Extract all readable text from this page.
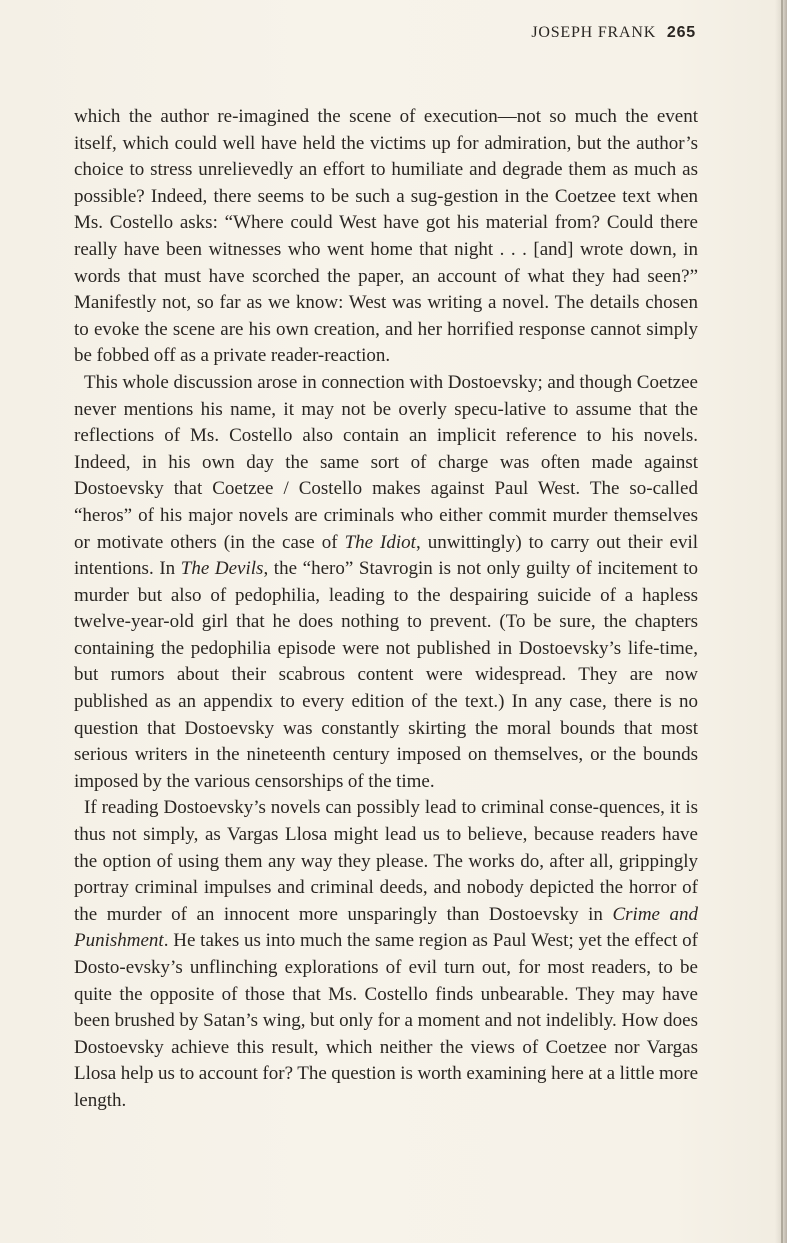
JOSEPH FRANK 265

which the author re-imagined the scene of execution—not so much the event itself, which could well have held the victims up for admiration, but the author’s choice to stress unrelievedly an effort to humiliate and degrade them as much as possible? Indeed, there seems to be such a sug-gestion in the Coetzee text when Ms. Costello asks: “Where could West have got his material from? Could there really have been witnesses who went home that night . . . [and] wrote down, in words that must have scorched the paper, an account of what they had seen?” Manifestly not, so far as we know: West was writing a novel. The details chosen to evoke the scene are his own creation, and her horrified response cannot simply be fobbed off as a private reader-reaction.

This whole discussion arose in connection with Dostoevsky; and though Coetzee never mentions his name, it may not be overly specu-lative to assume that the reflections of Ms. Costello also contain an implicit reference to his novels. Indeed, in his own day the same sort of charge was often made against Dostoevsky that Coetzee / Costello makes against Paul West. The so-called “heros” of his major novels are criminals who either commit murder themselves or motivate others (in the case of The Idiot, unwittingly) to carry out their evil intentions. In The Devils, the “hero” Stavrogin is not only guilty of incitement to murder but also of pedophilia, leading to the despairing suicide of a hapless twelve-year-old girl that he does nothing to prevent. (To be sure, the chapters containing the pedophilia episode were not published in Dostoevsky’s life-time, but rumors about their scabrous content were widespread. They are now published as an appendix to every edition of the text.) In any case, there is no question that Dostoevsky was constantly skirting the moral bounds that most serious writers in the nineteenth century imposed on themselves, or the bounds imposed by the various censorships of the time.

If reading Dostoevsky’s novels can possibly lead to criminal conse-quences, it is thus not simply, as Vargas Llosa might lead us to believe, because readers have the option of using them any way they please. The works do, after all, grippingly portray criminal impulses and criminal deeds, and nobody depicted the horror of the murder of an innocent more unsparingly than Dostoevsky in Crime and Punishment. He takes us into much the same region as Paul West; yet the effect of Dosto-evsky’s unflinching explorations of evil turn out, for most readers, to be quite the opposite of those that Ms. Costello finds unbearable. They may have been brushed by Satan’s wing, but only for a moment and not indelibly. How does Dostoevsky achieve this result, which neither the views of Coetzee nor Vargas Llosa help us to account for? The question is worth examining here at a little more length.
